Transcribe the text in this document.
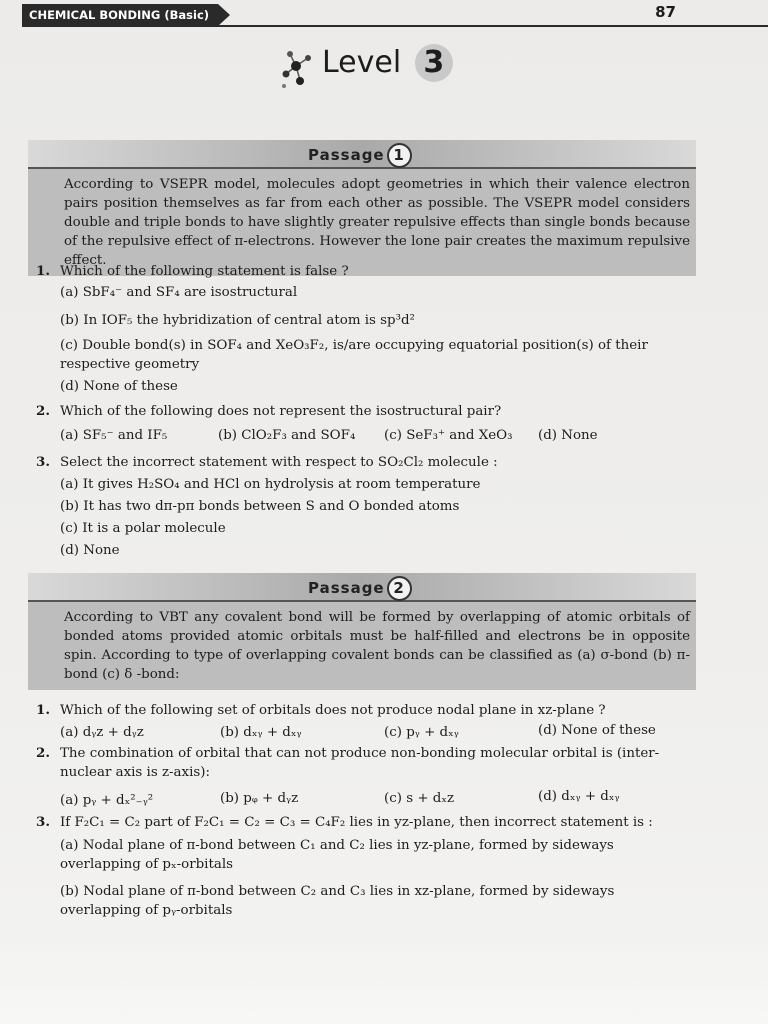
CHEMICAL BONDING (Basic)	87
Level 3
Passage 1
According to VSEPR model, molecules adopt geometries in which their valence electron pairs position themselves as far from each other as possible. The VSEPR model considers double and triple bonds to have slightly greater repulsive effects than single bonds because of the repulsive effect of π-electrons. However the lone pair creates the maximum repulsive effect.
1. Which of the following statement is false ?
(a) SbF₄⁻ and SF₄ are isostructural
(b) In IOF₅ the hybridization of central atom is sp³d²
(c) Double bond(s) in SOF₄ and XeO₃F₂, is/are occupying equatorial position(s) of their respective geometry
(d) None of these
2. Which of the following does not represent the isostructural pair?
(a) SF₅⁻ and IF₅	(b) ClO₂F₃ and SOF₄ (c) SeF₃⁺ and XeO₃ (d) None
3. Select the incorrect statement with respect to SO₂Cl₂ molecule :
(a) It gives H₂SO₄ and HCl on hydrolysis at room temperature
(b) It has two dπ-pπ bonds between S and O bonded atoms
(c) It is a polar molecule
(d) None
Passage 2
According to VBT any covalent bond will be formed by overlapping of atomic orbitals of bonded atoms provided atomic orbitals must be half-filled and electrons be in opposite spin. According to type of overlapping covalent bonds can be classified as (a) σ-bond (b) π-bond (c) δ -bond:
1. Which of the following set of orbitals does not produce nodal plane in xz-plane ?
(a) dᵧz + dᵧz	(b) dₓᵧ + dₓᵧ	(c) pᵧ + dₓᵧ	(d) None of these
2. The combination of orbital that can not produce non-bonding molecular orbital is (inter-nuclear axis is z-axis):
(a) pᵧ + dₓ²₋ᵧ²	(b) pᵩ + dᵧz	(c) s + dₓz	(d) dₓᵧ + dₓᵧ
3. If F₂C₁ = C₂ part of F₂C₁ = C₂ = C₃ = C₄F₂ lies in yz-plane, then incorrect statement is :
(a) Nodal plane of π-bond between C₁ and C₂ lies in yz-plane, formed by sideways overlapping of pₓ-orbitals
(b) Nodal plane of π-bond between C₂ and C₃ lies in xz-plane, formed by sideways overlapping of pᵧ-orbitals
